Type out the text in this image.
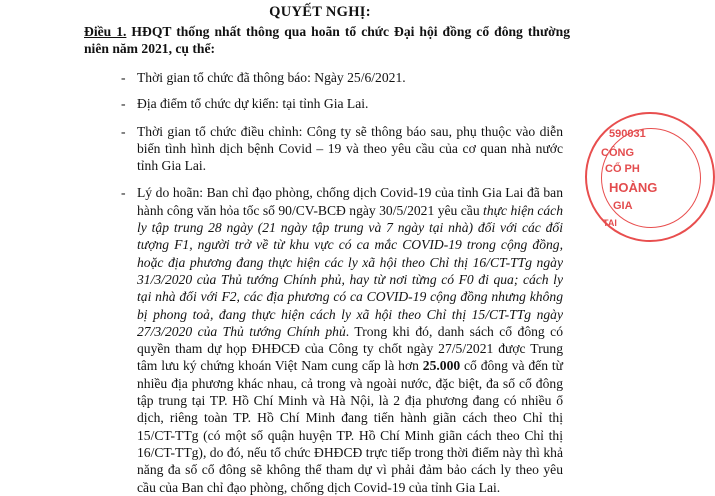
QUYẾT NGHỊ:
Điều 1. HĐQT thống nhất thông qua hoãn tổ chức Đại hội đồng cổ đông thường niên năm 2021, cụ thể:
- Thời gian tổ chức đã thông báo: Ngày 25/6/2021.
- Địa điểm tổ chức dự kiến: tại tỉnh Gia Lai.
- Thời gian tổ chức điều chỉnh: Công ty sẽ thông báo sau, phụ thuộc vào diễn biến tình hình dịch bệnh Covid – 19 và theo yêu cầu của cơ quan nhà nước tỉnh Gia Lai.
- Lý do hoãn: Ban chỉ đạo phòng, chống dịch Covid-19 của tỉnh Gia Lai đã ban hành công văn hỏa tốc số 90/CV-BCĐ ngày 30/5/2021 yêu cầu thực hiện cách ly tập trung 28 ngày (21 ngày tập trung và 7 ngày tại nhà) đối với các đối tượng F1, người trở về từ khu vực có ca mắc COVID-19 trong cộng đồng, hoặc địa phương đang thực hiện các ly xã hội theo Chỉ thị 16/CT-TTg ngày 31/3/2020 của Thủ tướng Chính phủ, hay từ nơi từng có F0 đi qua; cách ly tại nhà đối với F2, các địa phương có ca COVID-19 cộng đồng nhưng không bị phong toả, đang thực hiện cách ly xã hội theo Chỉ thị 15/CT-TTg ngày 27/3/2020 của Thủ tướng Chính phủ. Trong khi đó, danh sách cổ đông có quyền tham dự họp ĐHĐCĐ của Công ty chốt ngày 27/5/2021 được Trung tâm lưu ký chứng khoán Việt Nam cung cấp là hơn 25.000 cổ đông và đến từ nhiều địa phương khác nhau, cả trong và ngoài nước, đặc biệt, đa số cổ đông tập trung tại TP. Hồ Chí Minh và Hà Nội, là 2 địa phương đang có nhiều ổ dịch, riêng toàn TP. Hồ Chí Minh đang tiến hành giãn cách theo Chỉ thị 15/CT-TTg (có một số quận huyện TP. Hồ Chí Minh giãn cách theo Chỉ thị 16/CT-TTg), do đó, nếu tổ chức ĐHĐCĐ trực tiếp trong thời điểm này thì khả năng đa số cổ đông sẽ không thể tham dự vì phải đảm bảo cách ly theo yêu cầu của Ban chỉ đạo phòng, chống dịch Covid-19 của tỉnh Gia Lai.
590031
CÔNG
CỔ PH
HOÀNG
GIA
TAI
